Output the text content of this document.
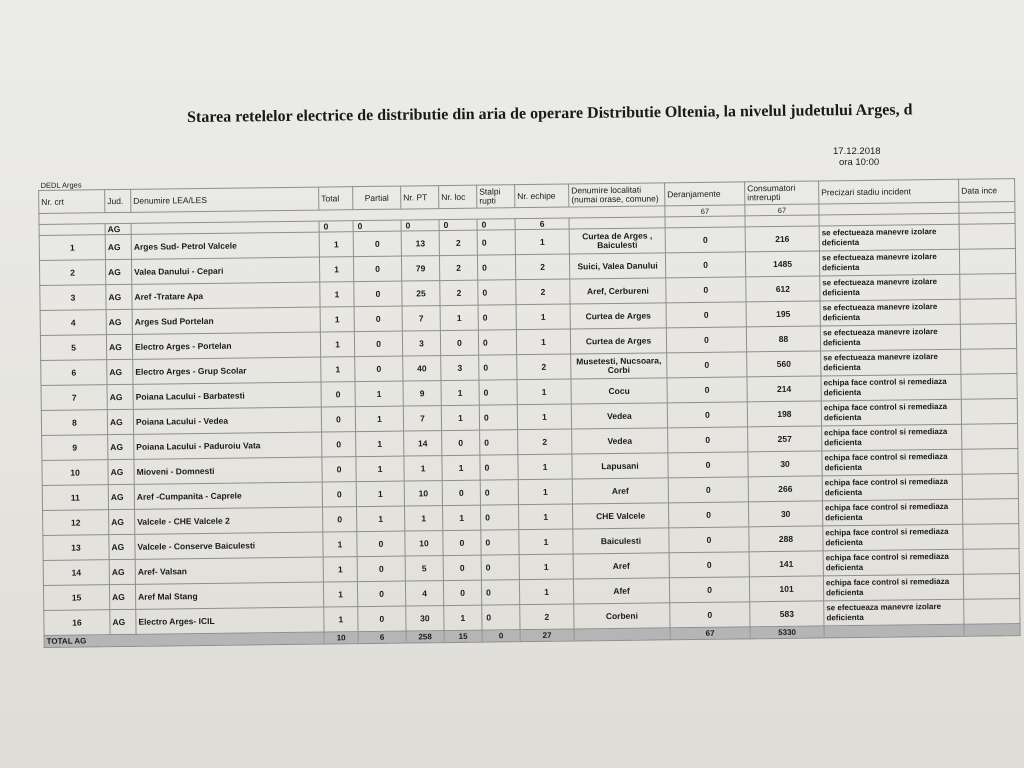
Starea retelelor electrice de distributie din aria de operare Distributie Oltenia, la nivelul judetului Arges, d
17.12.2018
ora 10:00
DEDL Arges													
Nr. crt	Jud.	Denumire LEA/LES	Total	Partial	Nr. PT	Nr. loc	Stalpi rupti	Nr. echipe	Denumire localitati (numai orase, comune)	Deranjamente	Consumatori intrerupti	Precizari stadiu incident	Data ince
										67	67		
	AG		0	0	0	0	0	6					
1	AG	Arges Sud- Petrol Valcele	1	0	13	2	0	1	Curtea de Arges , Baiculesti	0	216	se efectueaza manevre izolare deficienta	
2	AG	Valea Danului - Cepari	1	0	79	2	0	2	Suici, Valea Danului	0	1485	se efectueaza manevre izolare deficienta	
3	AG	Aref -Tratare Apa	1	0	25	2	0	2	Aref, Cerbureni	0	612	se efectueaza manevre izolare deficienta	
4	AG	Arges Sud Portelan	1	0	7	1	0	1	Curtea de Arges	0	195	se efectueaza manevre izolare deficienta	
5	AG	Electro Arges - Portelan	1	0	3	0	0	1	Curtea de Arges	0	88	se efectueaza manevre izolare deficienta	
6	AG	Electro Arges - Grup Scolar	1	0	40	3	0	2	Musetesti, Nucsoara, Corbi	0	560	se efectueaza manevre izolare deficienta	
7	AG	Poiana Lacului - Barbatesti	0	1	9	1	0	1	Cocu	0	214	echipa face control si remediaza deficienta	
8	AG	Poiana Lacului - Vedea	0	1	7	1	0	1	Vedea	0	198	echipa face control si remediaza deficienta	
9	AG	Poiana Lacului - Paduroiu Vata	0	1	14	0	0	2	Vedea	0	257	echipa face control si remediaza deficienta	
10	AG	Mioveni - Domnesti	0	1	1	1	0	1	Lapusani	0	30	echipa face control si remediaza deficienta	
11	AG	Aref -Cumpanita - Caprele	0	1	10	0	0	1	Aref	0	266	echipa face control si remediaza deficienta	
12	AG	Valcele - CHE Valcele 2	0	1	1	1	0	1	CHE Valcele	0	30	echipa face control si remediaza deficienta	
13	AG	Valcele - Conserve Baiculesti	1	0	10	0	0	1	Baiculesti	0	288	echipa face control si remediaza deficienta	
14	AG	Aref- Valsan	1	0	5	0	0	1	Aref	0	141	echipa face control si remediaza deficienta	
15	AG	Aref Mal Stang	1	0	4	0	0	1	Afef	0	101	echipa face control si remediaza deficienta	
16	AG	Electro Arges- ICIL	1	0	30	1	0	2	Corbeni	0	583	se efectueaza manevre izolare deficienta	
TOTAL AG			10	6	258	15	0	27		67	5330		
